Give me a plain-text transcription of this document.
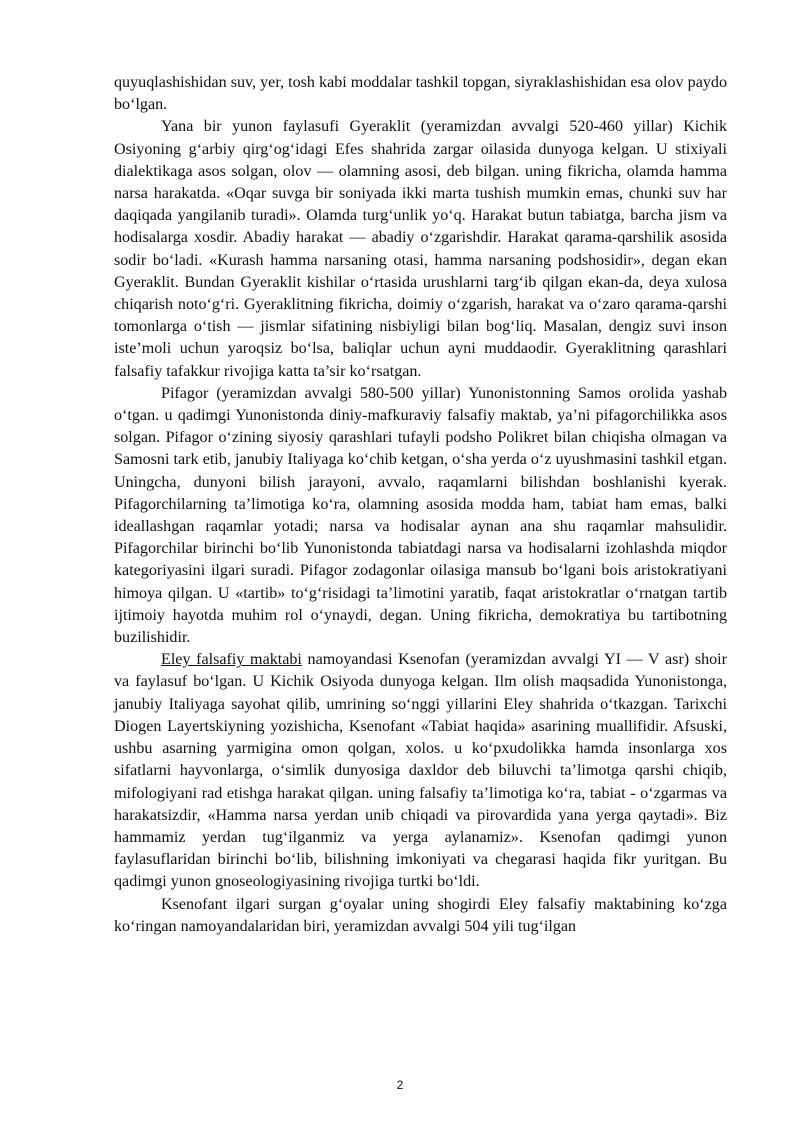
quyuqlashishidan suv, yer, tosh kabi moddalar tashkil topgan, siyraklashishidan esa olov paydo bo‘lgan.

Yana bir yunon faylasufi Gyeraklit (yeramizdan avvalgi 520-460 yillar) Kichik Osiyoning g‘arbiy qirg‘og‘idagi Efes shahrida zargar oilasida dunyoga kelgan. U stixiyali dialektikaga asos solgan, olov — olamning asosi, deb bilgan. uning fikricha, olamda hamma narsa harakatda. «Oqar suvga bir soniyada ikki marta tushish mumkin emas, chunki suv har daqiqada yangilanib turadi». Olamda turg‘unlik yo‘q. Harakat butun tabiatga, barcha jism va hodisalarga xosdir. Abadiy harakat — abadiy o‘zgarishdir. Harakat qarama-qarshilik asosida sodir bo‘ladi. «Kurash hamma narsaning otasi, hamma narsaning podshosidir», degan ekan Gyeraklit. Bundan Gyeraklit kishilar o‘rtasida urushlarni targ‘ib qilgan ekan-da, deya xulosa chiqarish noto‘g‘ri. Gyeraklitning fikricha, doimiy o‘zgarish, harakat va o‘zaro qarama-qarshi tomonlarga o‘tish — jismlar sifatining nisbiyligi bilan bog‘liq. Masalan, dengiz suvi inson iste’moli uchun yaroqsiz bo‘lsa, baliqlar uchun ayni muddaodir. Gyeraklitning qarashlari falsafiy tafakkur rivojiga katta ta’sir ko‘rsatgan.

Pifagor (yeramizdan avvalgi 580-500 yillar) Yunonistonning Samos orolida yashab o‘tgan. u qadimgi Yunonistonda diniy-mafkuraviy falsafiy maktab, ya’ni pifagorchilikka asos solgan. Pifagor o‘zining siyosiy qarashlari tufayli podsho Polikret bilan chiqisha olmagan va Samosni tark etib, janubiy Italiyaga ko‘chib ketgan, o‘sha yerda o‘z uyushmasini tashkil etgan. Uningcha, dunyoni bilish jarayoni, avvalo, raqamlarni bilishdan boshlanishi kyerak. Pifagorchilarning ta’limotiga ko‘ra, olamning asosida modda ham, tabiat ham emas, balki ideallashgan raqamlar yotadi; narsa va hodisalar aynan ana shu raqamlar mahsulidir. Pifagorchilar birinchi bo‘lib Yunonistonda tabiatdagi narsa va hodisalarni izohlashda miqdor kategoriyasini ilgari suradi. Pifagor zodagonlar oilasiga mansub bo‘lgani bois aristokratiyani himoya qilgan. U «tartib» to‘g‘risidagi ta’limotini yaratib, faqat aristokratlar o‘rnatgan tartib ijtimoiy hayotda muhim rol o‘ynaydi, degan. Uning fikricha, demokratiya bu tartibotning buzilishidir.

Eley falsafiy maktabi namoyandasi Ksenofan (yeramizdan avvalgi YI — V asr) shoir va faylasuf bo‘lgan. U Kichik Osiyoda dunyoga kelgan. Ilm olish maqsadida Yunonistonga, janubiy Italiyaga sayohat qilib, umrining so‘nggi yillarini Eley shahrida o‘tkazgan. Tarixchi Diogen Layertskiyning yozishicha, Ksenofant «Tabiat haqida» asarining muallifidir. Afsuski, ushbu asarning yarmigina omon qolgan, xolos. u ko‘pxudolikka hamda insonlarga xos sifatlarni hayvonlarga, o‘simlik dunyosiga daxldor deb biluvchi ta’limotga qarshi chiqib, mifologiyani rad etishga harakat qilgan. uning falsafiy ta’limotiga ko‘ra, tabiat - o‘zgarmas va harakatsizdir, «Hamma narsa yerdan unib chiqadi va pirovardida yana yerga qaytadi». Biz hammamiz yerdan tug‘ilganmiz va yerga aylanamiz». Ksenofan qadimgi yunon faylasuflaridan birinchi bo‘lib, bilishning imkoniyati va chegarasi haqida fikr yuritgan. Bu qadimgi yunon gnoseologiyasining rivojiga turtki bo‘ldi.

Ksenofant ilgari surgan g‘oyalar uning shogirdi Eley falsafiy maktabining ko‘zga ko‘ringan namoyandalaridan biri, yeramizdan avvalgi 504 yili tug‘ilgan

2
